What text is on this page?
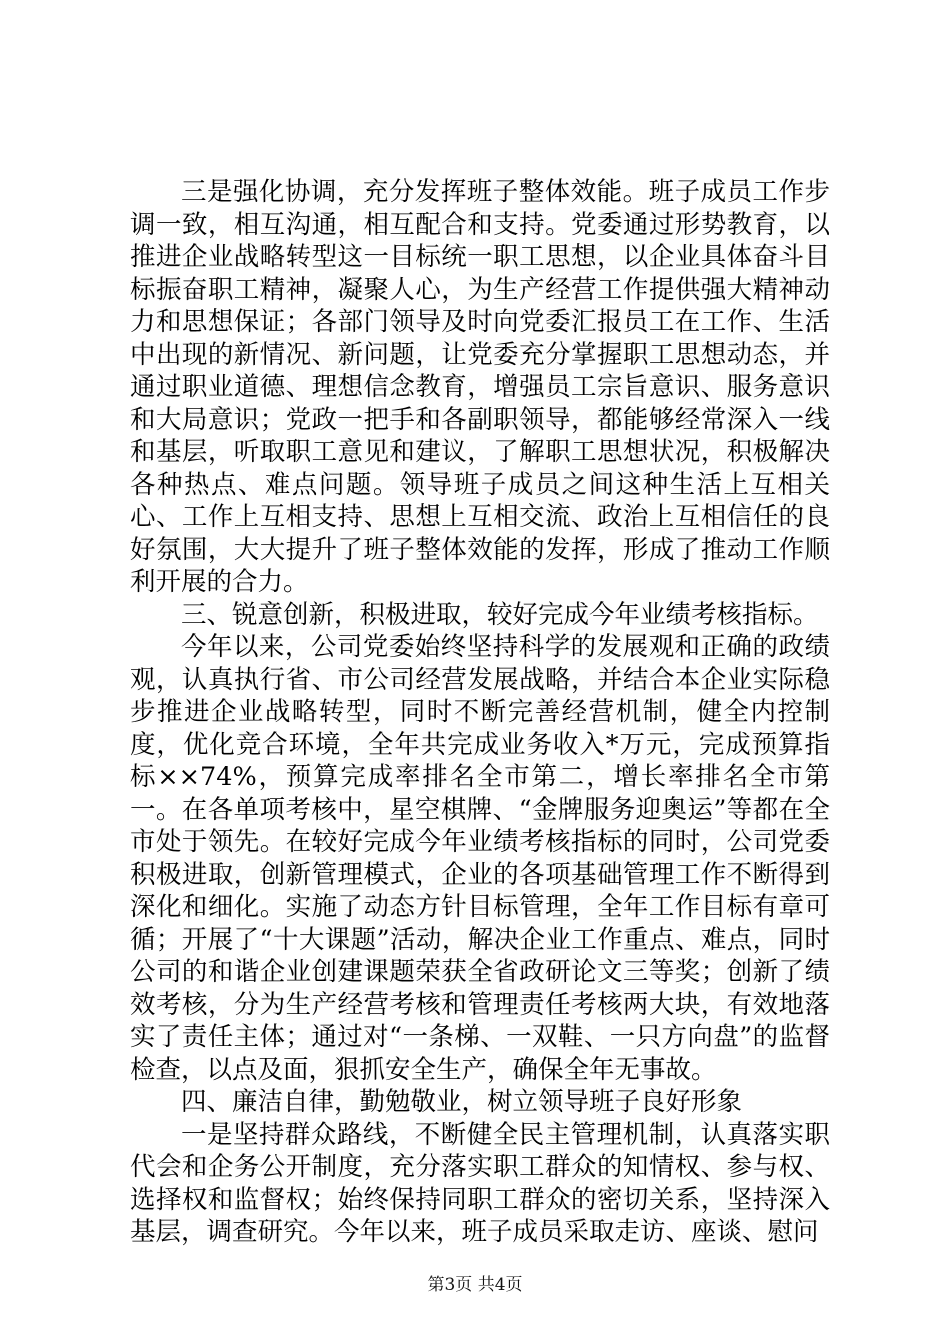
三是强化协调，充分发挥班子整体效能。班子成员工作步调一致，相互沟通，相互配合和支持。党委通过形势教育，以推进企业战略转型这一目标统一职工思想，以企业具体奋斗目标振奋职工精神，凝聚人心，为生产经营工作提供强大精神动力和思想保证；各部门领导及时向党委汇报员工在工作、生活中出现的新情况、新问题，让党委充分掌握职工思想动态，并通过职业道德、理想信念教育，增强员工宗旨意识、服务意识和大局意识；党政一把手和各副职领导，都能够经常深入一线和基层，听取职工意见和建议，了解职工思想状况，积极解决各种热点、难点问题。领导班子成员之间这种生活上互相关心、工作上互相支持、思想上互相交流、政治上互相信任的良好氛围，大大提升了班子整体效能的发挥，形成了推动工作顺利开展的合力。

三、锐意创新，积极进取，较好完成今年业绩考核指标。

今年以来，公司党委始终坚持科学的发展观和正确的政绩观，认真执行省、市公司经营发展战略，并结合本企业实际稳步推进企业战略转型，同时不断完善经营机制，健全内控制度，优化竞合环境，全年共完成业务收入*万元，完成预算指标××74%，预算完成率排名全市第二，增长率排名全市第一。在各单项考核中，星空棋牌、“金牌服务迎奥运”等都在全市处于领先。在较好完成今年业绩考核指标的同时，公司党委积极进取，创新管理模式，企业的各项基础管理工作不断得到深化和细化。实施了动态方针目标管理，全年工作目标有章可循；开展了“十大课题”活动，解决企业工作重点、难点，同时公司的和谐企业创建课题荣获全省政研论文三等奖；创新了绩效考核，分为生产经营考核和管理责任考核两大块，有效地落实了责任主体；通过对“一条梯、一双鞋、一只方向盘”的监督检查，以点及面，狠抓安全生产，确保全年无事故。

四、廉洁自律，勤勉敬业，树立领导班子良好形象

一是坚持群众路线，不断健全民主管理机制，认真落实职代会和企务公开制度，充分落实职工群众的知情权、参与权、选择权和监督权；始终保持同职工群众的密切关系，坚持深入基层，调查研究。今年以来，班子成员采取走访、座谈、慰问

第3页 共4页
